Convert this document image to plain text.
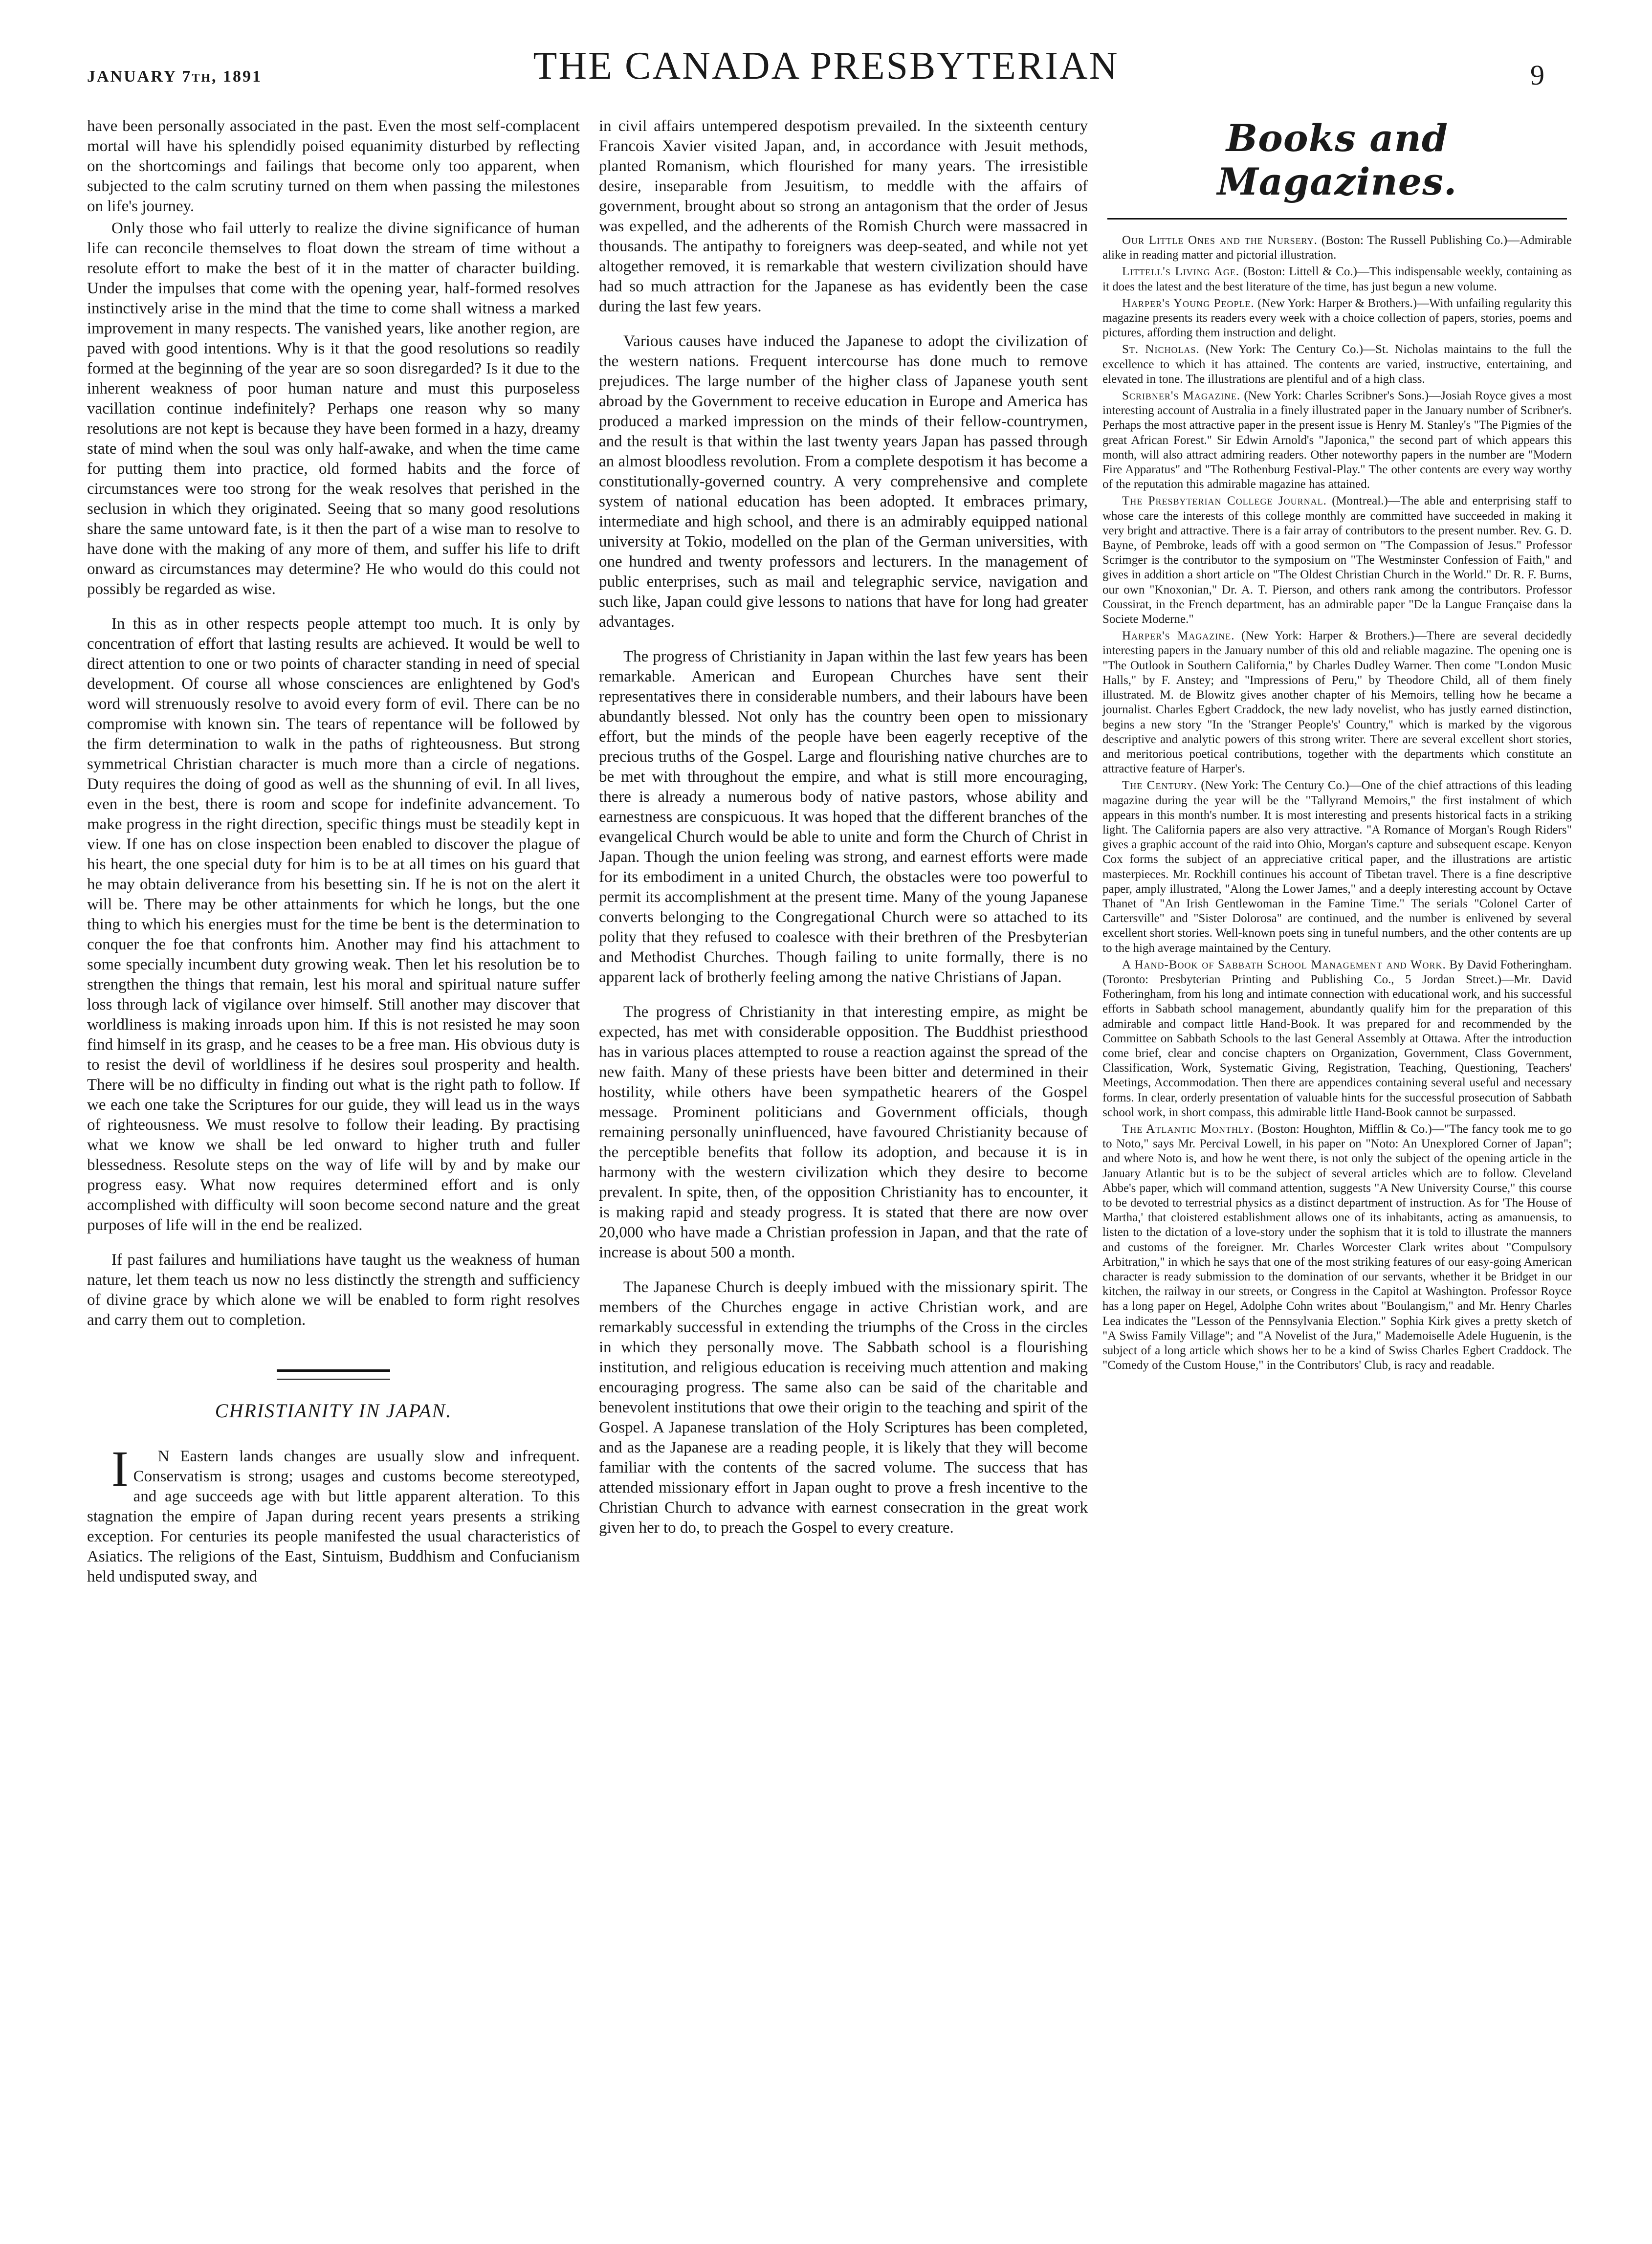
JANUARY 7th, 1891	THE CANADA PRESBYTERIAN	9

have been personally associated in the past. Even the most self-complacent mortal will have his splendidly poised equanimity disturbed by reflecting on the shortcomings and failings that become only too apparent, when subjected to the calm scrutiny turned on them when passing the milestones on life's journey.

Only those who fail utterly to realize the divine significance of human life can reconcile themselves to float down the stream of time without a resolute effort to make the best of it in the matter of character building. Under the impulses that come with the opening year, half-formed resolves instinctively arise in the mind that the time to come shall witness a marked improvement in many respects. The vanished years, like another region, are paved with good intentions. Why is it that the good resolutions so readily formed at the beginning of the year are so soon disregarded? Is it due to the inherent weakness of poor human nature and must this purposeless vacillation continue indefinitely? Perhaps one reason why so many resolutions are not kept is because they have been formed in a hazy, dreamy state of mind when the soul was only half-awake, and when the time came for putting them into practice, old formed habits and the force of circumstances were too strong for the weak resolves that perished in the seclusion in which they originated. Seeing that so many good resolutions share the same untoward fate, is it then the part of a wise man to resolve to have done with the making of any more of them, and suffer his life to drift onward as circumstances may determine? He who would do this could not possibly be regarded as wise.

In this as in other respects people attempt too much. It is only by concentration of effort that lasting results are achieved. It would be well to direct attention to one or two points of character standing in need of special development. Of course all whose consciences are enlightened by God's word will strenuously resolve to avoid every form of evil. There can be no compromise with known sin. The tears of repentance will be followed by the firm determination to walk in the paths of righteousness. But strong symmetrical Christian character is much more than a circle of negations. Duty requires the doing of good as well as the shunning of evil. In all lives, even in the best, there is room and scope for indefinite advancement. To make progress in the right direction, specific things must be steadily kept in view. If one has on close inspection been enabled to discover the plague of his heart, the one special duty for him is to be at all times on his guard that he may obtain deliverance from his besetting sin. If he is not on the alert it will be. There may be other attainments for which he longs, but the one thing to which his energies must for the time be bent is the determination to conquer the foe that confronts him. Another may find his attachment to some specially incumbent duty growing weak. Then let his resolution be to strengthen the things that remain, lest his moral and spiritual nature suffer loss through lack of vigilance over himself. Still another may discover that worldliness is making inroads upon him. If this is not resisted he may soon find himself in its grasp, and he ceases to be a free man. His obvious duty is to resist the devil of worldliness if he desires soul prosperity and health. There will be no difficulty in finding out what is the right path to follow. If we each one take the Scriptures for our guide, they will lead us in the ways of righteousness. We must resolve to follow their leading. By practising what we know we shall be led onward to higher truth and fuller blessedness. Resolute steps on the way of life will by and by make our progress easy. What now requires determined effort and is only accomplished with difficulty will soon become second nature and the great purposes of life will in the end be realized.

If past failures and humiliations have taught us the weakness of human nature, let them teach us now no less distinctly the strength and sufficiency of divine grace by which alone we will be enabled to form right resolves and carry them out to completion.

CHRISTIANITY IN JAPAN.

I N Eastern lands changes are usually slow and infrequent. Conservatism is strong; usages and customs become stereotyped, and age succeeds age with but little apparent alteration. To this stagnation the empire of Japan during recent years presents a striking exception. For centuries its people manifested the usual characteristics of Asiatics. The religions of the East, Sintuism, Buddhism and Confucianism held undisputed sway, and

in civil affairs untempered despotism prevailed. In the sixteenth century Francois Xavier visited Japan, and, in accordance with Jesuit methods, planted Romanism, which flourished for many years. The irresistible desire, inseparable from Jesuitism, to meddle with the affairs of government, brought about so strong an antagonism that the order of Jesus was expelled, and the adherents of the Romish Church were massacred in thousands. The antipathy to foreigners was deep-seated, and while not yet altogether removed, it is remarkable that western civilization should have had so much attraction for the Japanese as has evidently been the case during the last few years.

Various causes have induced the Japanese to adopt the civilization of the western nations. Frequent intercourse has done much to remove prejudices. The large number of the higher class of Japanese youth sent abroad by the Government to receive education in Europe and America has produced a marked impression on the minds of their fellow-countrymen, and the result is that within the last twenty years Japan has passed through an almost bloodless revolution. From a complete despotism it has become a constitutionally-governed country. A very comprehensive and complete system of national education has been adopted. It embraces primary, intermediate and high school, and there is an admirably equipped national university at Tokio, modelled on the plan of the German universities, with one hundred and twenty professors and lecturers. In the management of public enterprises, such as mail and telegraphic service, navigation and such like, Japan could give lessons to nations that have for long had greater advantages.

The progress of Christianity in Japan within the last few years has been remarkable. American and European Churches have sent their representatives there in considerable numbers, and their labours have been abundantly blessed. Not only has the country been open to missionary effort, but the minds of the people have been eagerly receptive of the precious truths of the Gospel. Large and flourishing native churches are to be met with throughout the empire, and what is still more encouraging, there is already a numerous body of native pastors, whose ability and earnestness are conspicuous. It was hoped that the different branches of the evangelical Church would be able to unite and form the Church of Christ in Japan. Though the union feeling was strong, and earnest efforts were made for its embodiment in a united Church, the obstacles were too powerful to permit its accomplishment at the present time. Many of the young Japanese converts belonging to the Congregational Church were so attached to its polity that they refused to coalesce with their brethren of the Presbyterian and Methodist Churches. Though failing to unite formally, there is no apparent lack of brotherly feeling among the native Christians of Japan.

The progress of Christianity in that interesting empire, as might be expected, has met with considerable opposition. The Buddhist priesthood has in various places attempted to rouse a reaction against the spread of the new faith. Many of these priests have been bitter and determined in their hostility, while others have been sympathetic hearers of the Gospel message. Prominent politicians and Government officials, though remaining personally uninfluenced, have favoured Christianity because of the perceptible benefits that follow its adoption, and because it is in harmony with the western civilization which they desire to become prevalent. In spite, then, of the opposition Christianity has to encounter, it is making rapid and steady progress. It is stated that there are now over 20,000 who have made a Christian profession in Japan, and that the rate of increase is about 500 a month.

The Japanese Church is deeply imbued with the missionary spirit. The members of the Churches engage in active Christian work, and are remarkably successful in extending the triumphs of the Cross in the circles in which they personally move. The Sabbath school is a flourishing institution, and religious education is receiving much attention and making encouraging progress. The same also can be said of the charitable and benevolent institutions that owe their origin to the teaching and spirit of the Gospel. A Japanese translation of the Holy Scriptures has been completed, and as the Japanese are a reading people, it is likely that they will become familiar with the contents of the sacred volume. The success that has attended missionary effort in Japan ought to prove a fresh incentive to the Christian Church to advance with earnest consecration in the great work given her to do, to preach the Gospel to every creature.

Books and Magazines.

Our Little Ones and the Nursery. (Boston: The Russell Publishing Co.)—Admirable alike in reading matter and pictorial illustration.

Littell's Living Age. (Boston: Littell & Co.)—This indispensable weekly, containing as it does the latest and the best literature of the time, has just begun a new volume.

Harper's Young People. (New York: Harper & Brothers.)—With unfailing regularity this magazine presents its readers every week with a choice collection of papers, stories, poems and pictures, affording them instruction and delight.

St. Nicholas. (New York: The Century Co.)—St. Nicholas maintains to the full the excellence to which it has attained. The contents are varied, instructive, entertaining, and elevated in tone. The illustrations are plentiful and of a high class.

Scribner's Magazine. (New York: Charles Scribner's Sons.)—Josiah Royce gives a most interesting account of Australia in a finely illustrated paper in the January number of Scribner's. Perhaps the most attractive paper in the present issue is Henry M. Stanley's "The Pigmies of the great African Forest." Sir Edwin Arnold's "Japonica," the second part of which appears this month, will also attract admiring readers. Other noteworthy papers in the number are "Modern Fire Apparatus" and "The Rothenburg Festival-Play." The other contents are every way worthy of the reputation this admirable magazine has attained.

The Presbyterian College Journal. (Montreal.)—The able and enterprising staff to whose care the interests of this college monthly are committed have succeeded in making it very bright and attractive. There is a fair array of contributors to the present number. Rev. G. D. Bayne, of Pembroke, leads off with a good sermon on "The Compassion of Jesus." Professor Scrimger is the contributor to the symposium on "The Westminster Confession of Faith," and gives in addition a short article on "The Oldest Christian Church in the World." Dr. R. F. Burns, our own "Knoxonian," Dr. A. T. Pierson, and others rank among the contributors. Professor Coussirat, in the French department, has an admirable paper "De la Langue Française dans la Societe Moderne."

Harper's Magazine. (New York: Harper & Brothers.)—There are several decidedly interesting papers in the January number of this old and reliable magazine. The opening one is "The Outlook in Southern California," by Charles Dudley Warner. Then come "London Music Halls," by F. Anstey; and "Impressions of Peru," by Theodore Child, all of them finely illustrated. M. de Blowitz gives another chapter of his Memoirs, telling how he became a journalist. Charles Egbert Craddock, the new lady novelist, who has justly earned distinction, begins a new story "In the 'Stranger People's' Country," which is marked by the vigorous descriptive and analytic powers of this strong writer. There are several excellent short stories, and meritorious poetical contributions, together with the departments which constitute an attractive feature of Harper's.

The Century. (New York: The Century Co.)—One of the chief attractions of this leading magazine during the year will be the "Tallyrand Memoirs," the first instalment of which appears in this month's number. It is most interesting and presents historical facts in a striking light. The California papers are also very attractive. "A Romance of Morgan's Rough Riders" gives a graphic account of the raid into Ohio, Morgan's capture and subsequent escape. Kenyon Cox forms the subject of an appreciative critical paper, and the illustrations are artistic masterpieces. Mr. Rockhill continues his account of Tibetan travel. There is a fine descriptive paper, amply illustrated, "Along the Lower James," and a deeply interesting account by Octave Thanet of "An Irish Gentlewoman in the Famine Time." The serials "Colonel Carter of Cartersville" and "Sister Dolorosa" are continued, and the number is enlivened by several excellent short stories. Well-known poets sing in tuneful numbers, and the other contents are up to the high average maintained by the Century.

A Hand-Book of Sabbath School Management and Work. By David Fotheringham. (Toronto: Presbyterian Printing and Publishing Co., 5 Jordan Street.)—Mr. David Fotheringham, from his long and intimate connection with educational work, and his successful efforts in Sabbath school management, abundantly qualify him for the preparation of this admirable and compact little Hand-Book. It was prepared for and recommended by the Committee on Sabbath Schools to the last General Assembly at Ottawa. After the introduction come brief, clear and concise chapters on Organization, Government, Class Government, Classification, Work, Systematic Giving, Registration, Teaching, Questioning, Teachers' Meetings, Accommodation. Then there are appendices containing several useful and necessary forms. In clear, orderly presentation of valuable hints for the successful prosecution of Sabbath school work, in short compass, this admirable little Hand-Book cannot be surpassed.

The Atlantic Monthly. (Boston: Houghton, Mifflin & Co.)—"The fancy took me to go to Noto," says Mr. Percival Lowell, in his paper on "Noto: An Unexplored Corner of Japan"; and where Noto is, and how he went there, is not only the subject of the opening article in the January Atlantic but is to be the subject of several articles which are to follow. Cleveland Abbe's paper, which will command attention, suggests "A New University Course," this course to be devoted to terrestrial physics as a distinct department of instruction. As for 'The House of Martha,' that cloistered establishment allows one of its inhabitants, acting as amanuensis, to listen to the dictation of a love-story under the sophism that it is told to illustrate the manners and customs of the foreigner. Mr. Charles Worcester Clark writes about "Compulsory Arbitration," in which he says that one of the most striking features of our easy-going American character is ready submission to the domination of our servants, whether it be Bridget in our kitchen, the railway in our streets, or Congress in the Capitol at Washington. Professor Royce has a long paper on Hegel, Adolphe Cohn writes about "Boulangism," and Mr. Henry Charles Lea indicates the "Lesson of the Pennsylvania Election." Sophia Kirk gives a pretty sketch of "A Swiss Family Village"; and "A Novelist of the Jura," Mademoiselle Adele Huguenin, is the subject of a long article which shows her to be a kind of Swiss Charles Egbert Craddock. The "Comedy of the Custom House," in the Contributors' Club, is racy and readable.
